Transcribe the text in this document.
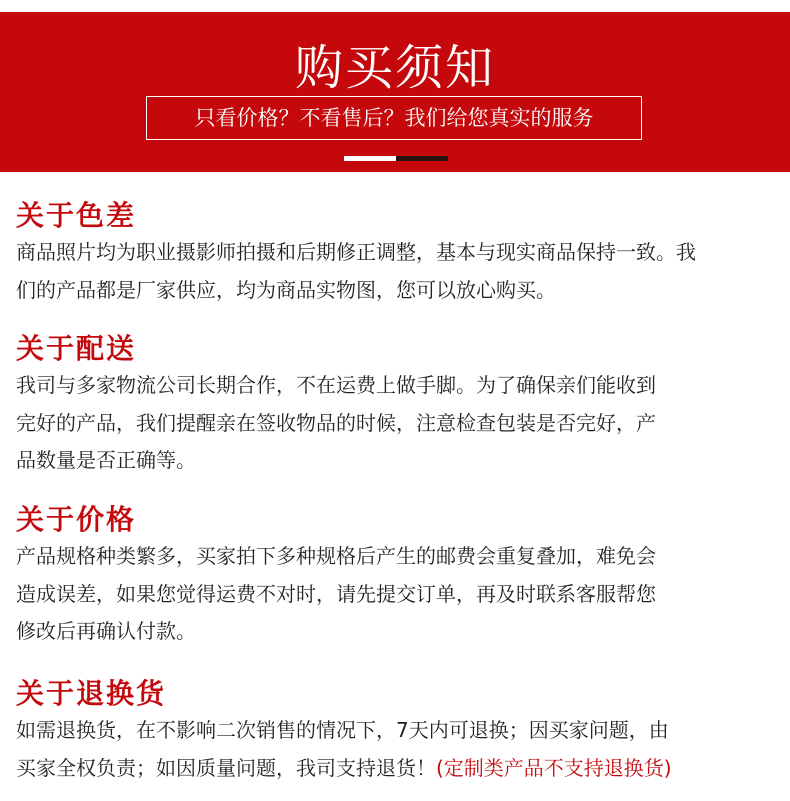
购买须知
只看价格？不看售后？我们给您真实的服务
关于色差

商品照片均为职业摄影师拍摄和后期修正调整，基本与现实商品保持一致。我
们的产品都是厂家供应，均为商品实物图，您可以放心购买。

关于配送

我司与多家物流公司长期合作，不在运费上做手脚。为了确保亲们能收到
完好的产品，我们提醒亲在签收物品的时候，注意检查包装是否完好，产
品数量是否正确等。

关于价格

产品规格种类繁多，买家拍下多种规格后产生的邮费会重复叠加，难免会
造成误差，如果您觉得运费不对时，请先提交订单，再及时联系客服帮您
修改后再确认付款。

关于退换货

如需退换货，在不影响二次销售的情况下，7天内可退换；因买家问题，由
买家全权负责；如因质量问题，我司支持退货！(定制类产品不支持退换货)
